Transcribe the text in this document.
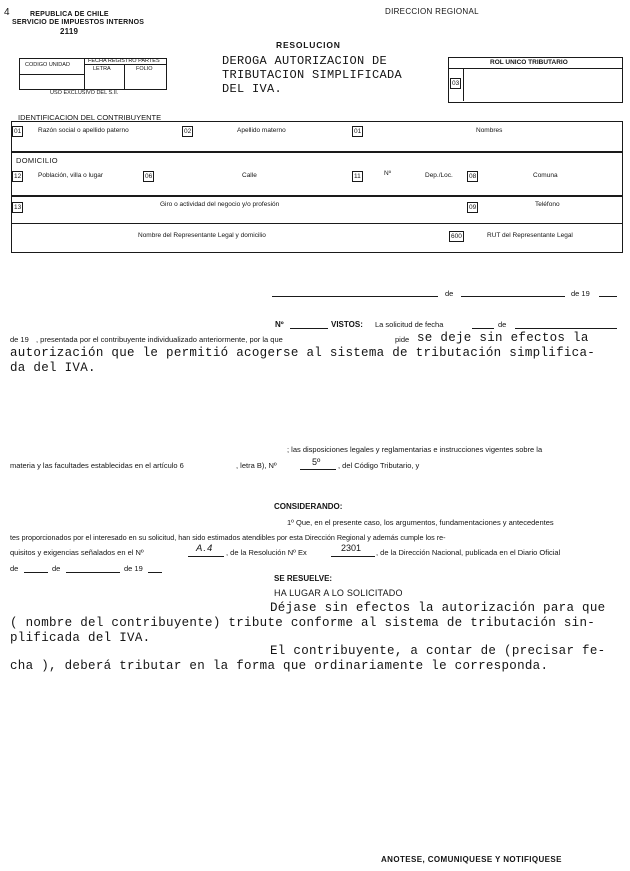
4	REPUBLICA DE CHILE
SERVICIO DE IMPUESTOS INTERNOS
2119
DIRECCION REGIONAL
RESOLUCION
CODIGO UNIDAD
FECHA REGISTRO PARTES
LETRA	FOLIO
USO EXCLUSIVO DEL S.II.
DEROGA AUTORIZACION DE
TRIBUTACION SIMPLIFICADA
DEL IVA.
ROL UNICO TRIBUTARIO
03
IDENTIFICACION DEL CONTRIBUYENTE
01	Razón social o apellido paterno	02	Apellido materno	01	Nombres
DOMICILIO
12	Población, villa o lugar	06	Calle	11	Nº	Dep./Loc.	08	Comuna
13	Giro o actividad del negocio y/o profesión	09	Teléfono
Nombre del Representante Legal y domicilio	600	RUT del Representante Legal
de	de 19
Nº	VISTOS: La solicitud de fecha	de
de 19 , presentada por el contribuyente individualizado anteriormente, por la que	pide se deje sin efectos la
autorización que le permitió acogerse al sistema de tributación simplifica-
da del IVA.
; las disposiciones legales y reglamentarias e instrucciones vigentes sobre la
materia y las facultades establecidas en el artículo 6	, letra B), Nº	5º , del Código Tributario, y
CONSIDERANDO:
1º Que, en el presente caso, los argumentos, fundamentaciones y antecedentes
tes proporcionados por el interesado en su solicitud, han sido estimados atendibles por esta Dirección Regional y además cumple los re-
quisitos y exigencias señalados en el Nº	A.4 , de la Resolución Nº Ex	2301 , de la Dirección Nacional, publicada en el Diario Oficial
de	de	de 19
SE RESUELVE:
HA LUGAR A LO SOLICITADO
Déjase sin efectos la autorización para que
( nombre del contribuyente) tribute conforme al sistema de tributación sin-
plificada del IVA.
El contribuyente, a contar de (precisar fe-
cha ), deberá tributar en la forma que ordinariamente le corresponda.
ANOTESE, COMUNIQUESE Y NOTIFIQUESE
